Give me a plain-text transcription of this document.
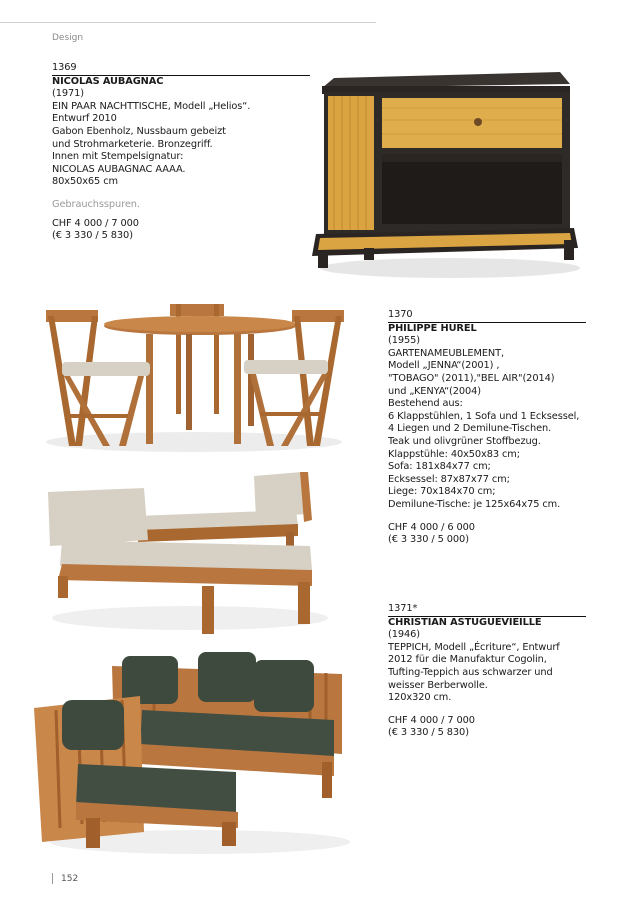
Design
1369
NICOLAS AUBAGNAC
(1971)
EIN PAAR NACHTTISCHE, Modell „Helios“.
Entwurf 2010
Gabon Ebenholz, Nussbaum gebeizt
und Strohmarketerie. Bronzegriff.
Innen mit Stempelsignatur:
NICOLAS AUBAGNAC AAAA.
80x50x65 cm
Gebrauchsspuren.
CHF 4 000 / 7 000
(€ 3 330 / 5 830)
1370
PHILIPPE HUREL
(1955)
GARTENAMEUBLEMENT,
Modell „JENNA“(2001) ,
"TOBAGO" (2011),"BEL AIR"(2014)
und „KENYA“(2004)
Bestehend aus:
6 Klappstühlen, 1 Sofa und 1 Ecksessel,
4 Liegen und 2 Demilune-Tischen.
Teak und olivgrüner Stoffbezug.
Klappstühle: 40x50x83 cm;
Sofa: 181x84x77 cm;
Ecksessel: 87x87x77 cm;
Liege: 70x184x70 cm;
Demilune-Tische: je 125x64x75 cm.
CHF 4 000 / 6 000
(€ 3 330 / 5 000)
1371*
CHRISTIAN ASTUGUEVIEILLE
(1946)
TEPPICH, Modell „Écriture“, Entwurf
2012 für die Manufaktur Cogolin,
Tufting-Teppich aus schwarzer und
weisser Berberwolle.
120x320 cm.
CHF 4 000 / 7 000
(€ 3 330 / 5 830)
152
